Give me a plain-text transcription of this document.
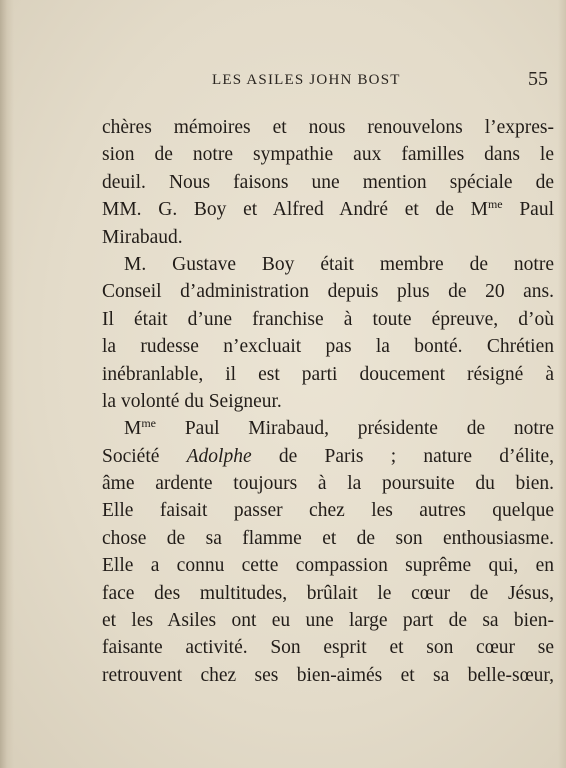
LES ASILES JOHN BOST	55
chères mémoires et nous renouvelons l’expres-
sion de notre sympathie aux familles dans le
deuil. Nous faisons une mention spéciale de
MM. G. Boy et Alfred André et de $M^{me}$ Paul
Mirabaud.
M. Gustave Boy était membre de notre
Conseil d’administration depuis plus de 20 ans.
Il était d’une franchise à toute épreuve, d’où
la rudesse n’excluait pas la bonté. Chrétien
inébranlable, il est parti doucement résigné à
la volonté du Seigneur.
$M^{me}$ Paul Mirabaud, présidente de notre
Société Adolphe de Paris ; nature d’élite,
âme ardente toujours à la poursuite du bien.
Elle faisait passer chez les autres quelque
chose de sa flamme et de son enthousiasme.
Elle a connu cette compassion suprême qui, en
face des multitudes, brûlait le cœur de Jésus,
et les Asiles ont eu une large part de sa bien-
faisante activité. Son esprit et son cœur se
retrouvent chez ses bien-aimés et sa belle-sœur,
